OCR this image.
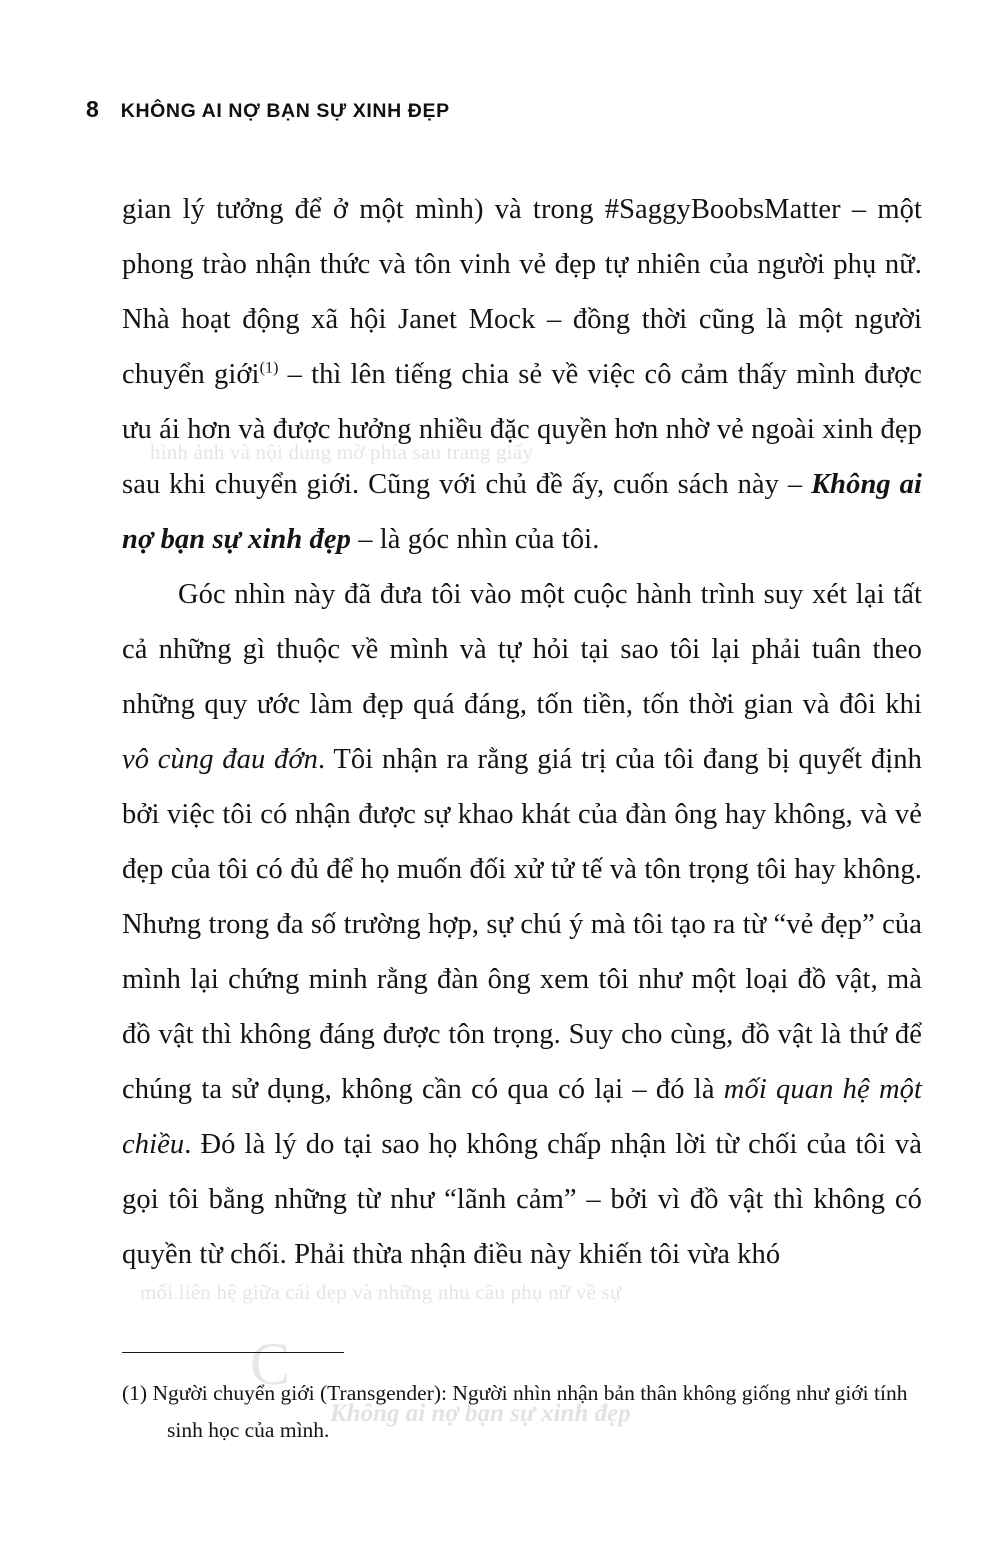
hình ảnh và nội dung mờ phía sau trang giấy
mối liên hệ giữa cái đẹp và những nhu cầu phụ nữ về sự
Không ai nợ bạn sự xinh đẹp
C
8 KHÔNG AI NỢ BẠN SỰ XINH ĐẸP

gian lý tưởng để ở một mình) và trong #SaggyBoobsMatter – một phong trào nhận thức và tôn vinh vẻ đẹp tự nhiên của người phụ nữ. Nhà hoạt động xã hội Janet Mock – đồng thời cũng là một người chuyển giới$^{(1)}$ – thì lên tiếng chia sẻ về việc cô cảm thấy mình được ưu ái hơn và được hưởng nhiều đặc quyền hơn nhờ vẻ ngoài xinh đẹp sau khi chuyển giới. Cũng với chủ đề ấy, cuốn sách này – Không ai nợ bạn sự xinh đẹp – là góc nhìn của tôi.

Góc nhìn này đã đưa tôi vào một cuộc hành trình suy xét lại tất cả những gì thuộc về mình và tự hỏi tại sao tôi lại phải tuân theo những quy ước làm đẹp quá đáng, tốn tiền, tốn thời gian và đôi khi vô cùng đau đớn. Tôi nhận ra rằng giá trị của tôi đang bị quyết định bởi việc tôi có nhận được sự khao khát của đàn ông hay không, và vẻ đẹp của tôi có đủ để họ muốn đối xử tử tế và tôn trọng tôi hay không. Nhưng trong đa số trường hợp, sự chú ý mà tôi tạo ra từ “vẻ đẹp” của mình lại chứng minh rằng đàn ông xem tôi như một loại đồ vật, mà đồ vật thì không đáng được tôn trọng. Suy cho cùng, đồ vật là thứ để chúng ta sử dụng, không cần có qua có lại – đó là mối quan hệ một chiều. Đó là lý do tại sao họ không chấp nhận lời từ chối của tôi và gọi tôi bằng những từ như “lãnh cảm” – bởi vì đồ vật thì không có quyền từ chối. Phải thừa nhận điều này khiến tôi vừa khó

(1) Người chuyển giới (Transgender): Người nhìn nhận bản thân không giống như giới tính sinh học của mình.
